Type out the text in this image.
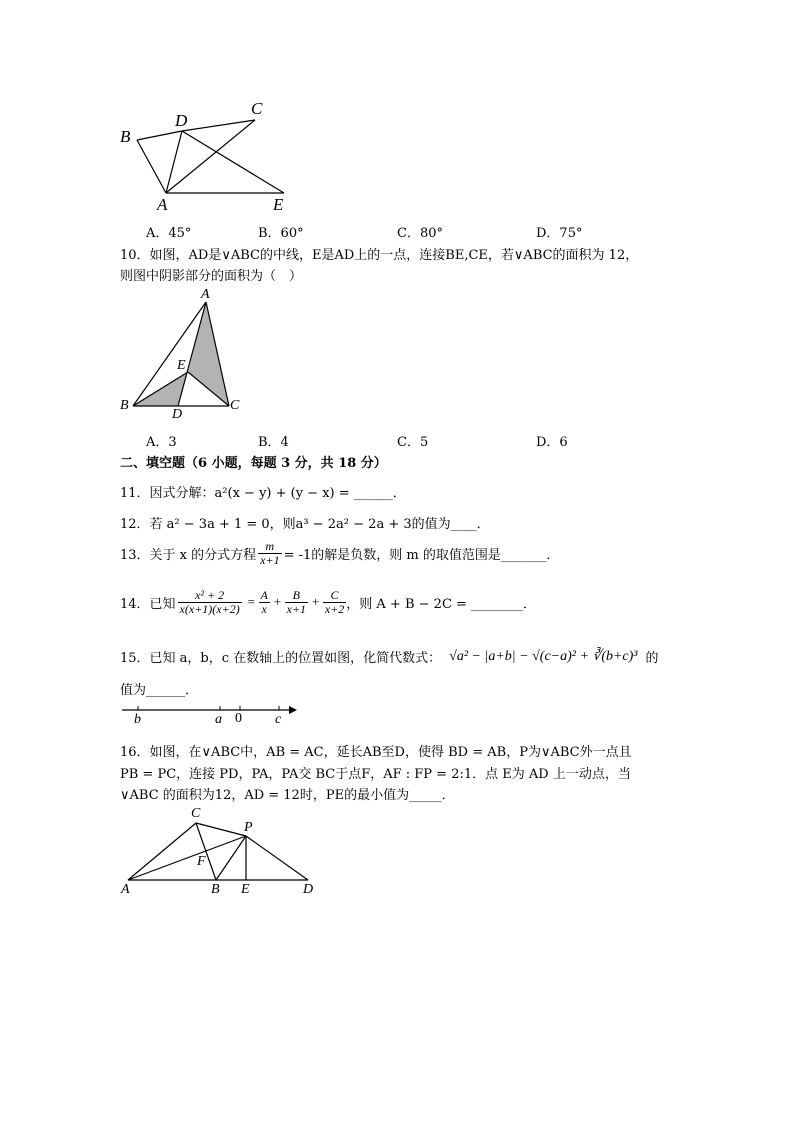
B
D
C
A	E
A．45°	B．60°	C．80°	D．75°
10．如图，AD是∨ABC的中线，E是AD上的一点，连接BE,CE，若∨ABC的面积为 12，
则图中阴影部分的面积为（　）
A
E
B
D
C
A．3	B．4	C．5	D．6
二、填空题（6 小题，每题 3 分，共 18 分）
11．因式分解：a²(x − y) + (y − x) = ______．
12．若 a² − 3a + 1 = 0，则a³ − 2a² − 2a + 3的值为____．
13．关于 x 的分式方程 $\frac{m}{x+1} = -1$的解是负数，则 m 的取值范围是_______．
14．已知 $\frac{\text{x² + 2}}{x(x+1)(x+2)} = \frac{A}{x} + \frac{B}{x+1} + \frac{C}{x+2}$ ，则 A + B − 2C = ________．
15．已知 a，b，c 在数轴上的位置如图，化简代数式： √a² − |a+b| − √(c−a)² + ∛(b+c)³ 的
值为______．
b	a 0 c
16．如图，在∨ABC中，AB = AC，延长AB至D，使得 BD = AB，P为∨ABC外一点且
PB = PC，连接 PD，PA，PA交 BC于点F，AF : FP = 2:1．点 E为 AD 上一动点，当
∨ABC 的面积为12，AD = 12时，PE的最小值为_____．
C
P
F
A	B E	D
